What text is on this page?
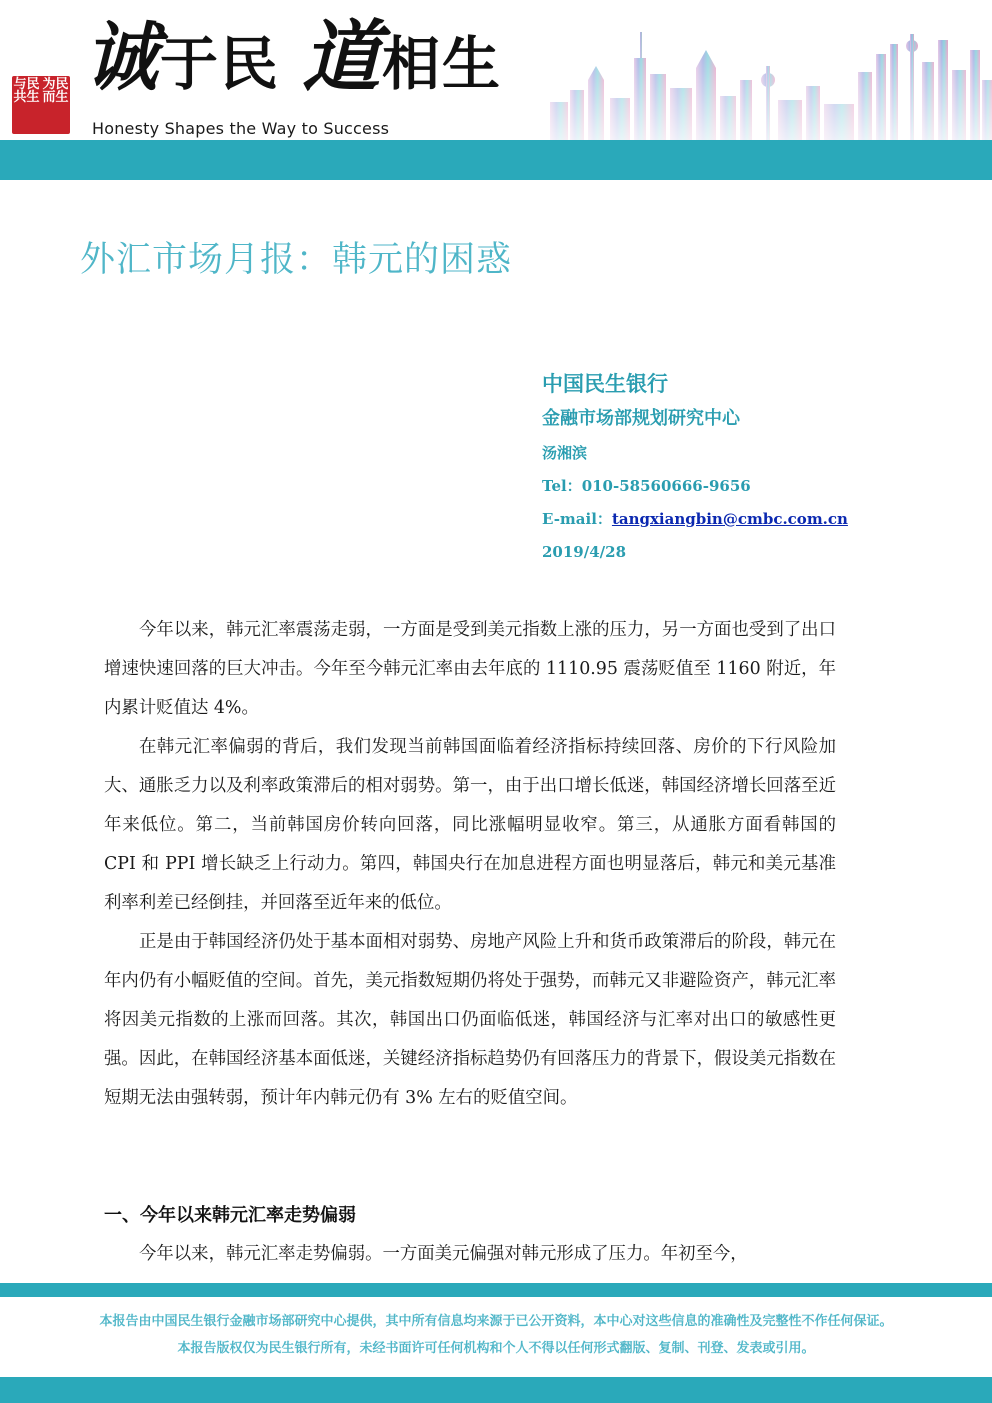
与民
共生
为民
而生 诚 于民 道 相生
Honesty Shapes the Way to Success
外汇市场月报：韩元的困惑
中国民生银行
金融市场部规划研究中心
汤湘滨
Tel：010-58560666-9656
E-mail：tangxiangbin@cmbc.com.cn
2019/4/28

今年以来，韩元汇率震荡走弱，一方面是受到美元指数上涨的压力，另一方面也受到了出口增速快速回落的巨大冲击。今年至今韩元汇率由去年底的 1110.95 震荡贬值至 1160 附近，年内累计贬值达 4%。

在韩元汇率偏弱的背后，我们发现当前韩国面临着经济指标持续回落、房价的下行风险加大、通胀乏力以及利率政策滞后的相对弱势。第一，由于出口增长低迷，韩国经济增长回落至近年来低位。第二，当前韩国房价转向回落，同比涨幅明显收窄。第三，从通胀方面看韩国的 CPI 和 PPI 增长缺乏上行动力。第四，韩国央行在加息进程方面也明显落后，韩元和美元基准利率利差已经倒挂，并回落至近年来的低位。

正是由于韩国经济仍处于基本面相对弱势、房地产风险上升和货币政策滞后的阶段，韩元在年内仍有小幅贬值的空间。首先，美元指数短期仍将处于强势，而韩元又非避险资产，韩元汇率将因美元指数的上涨而回落。其次，韩国出口仍面临低迷，韩国经济与汇率对出口的敏感性更强。因此，在韩国经济基本面低迷，关键经济指标趋势仍有回落压力的背景下，假设美元指数在短期无法由强转弱，预计年内韩元仍有 3% 左右的贬值空间。

一、今年以来韩元汇率走势偏弱
今年以来，韩元汇率走势偏弱。一方面美元偏强对韩元形成了压力。年初至今，
本报告由中国民生银行金融市场部研究中心提供，其中所有信息均来源于已公开资料，本中心对这些信息的准确性及完整性不作任何保证。
本报告版权仅为民生银行所有，未经书面许可任何机构和个人不得以任何形式翻版、复制、刊登、发表或引用。
